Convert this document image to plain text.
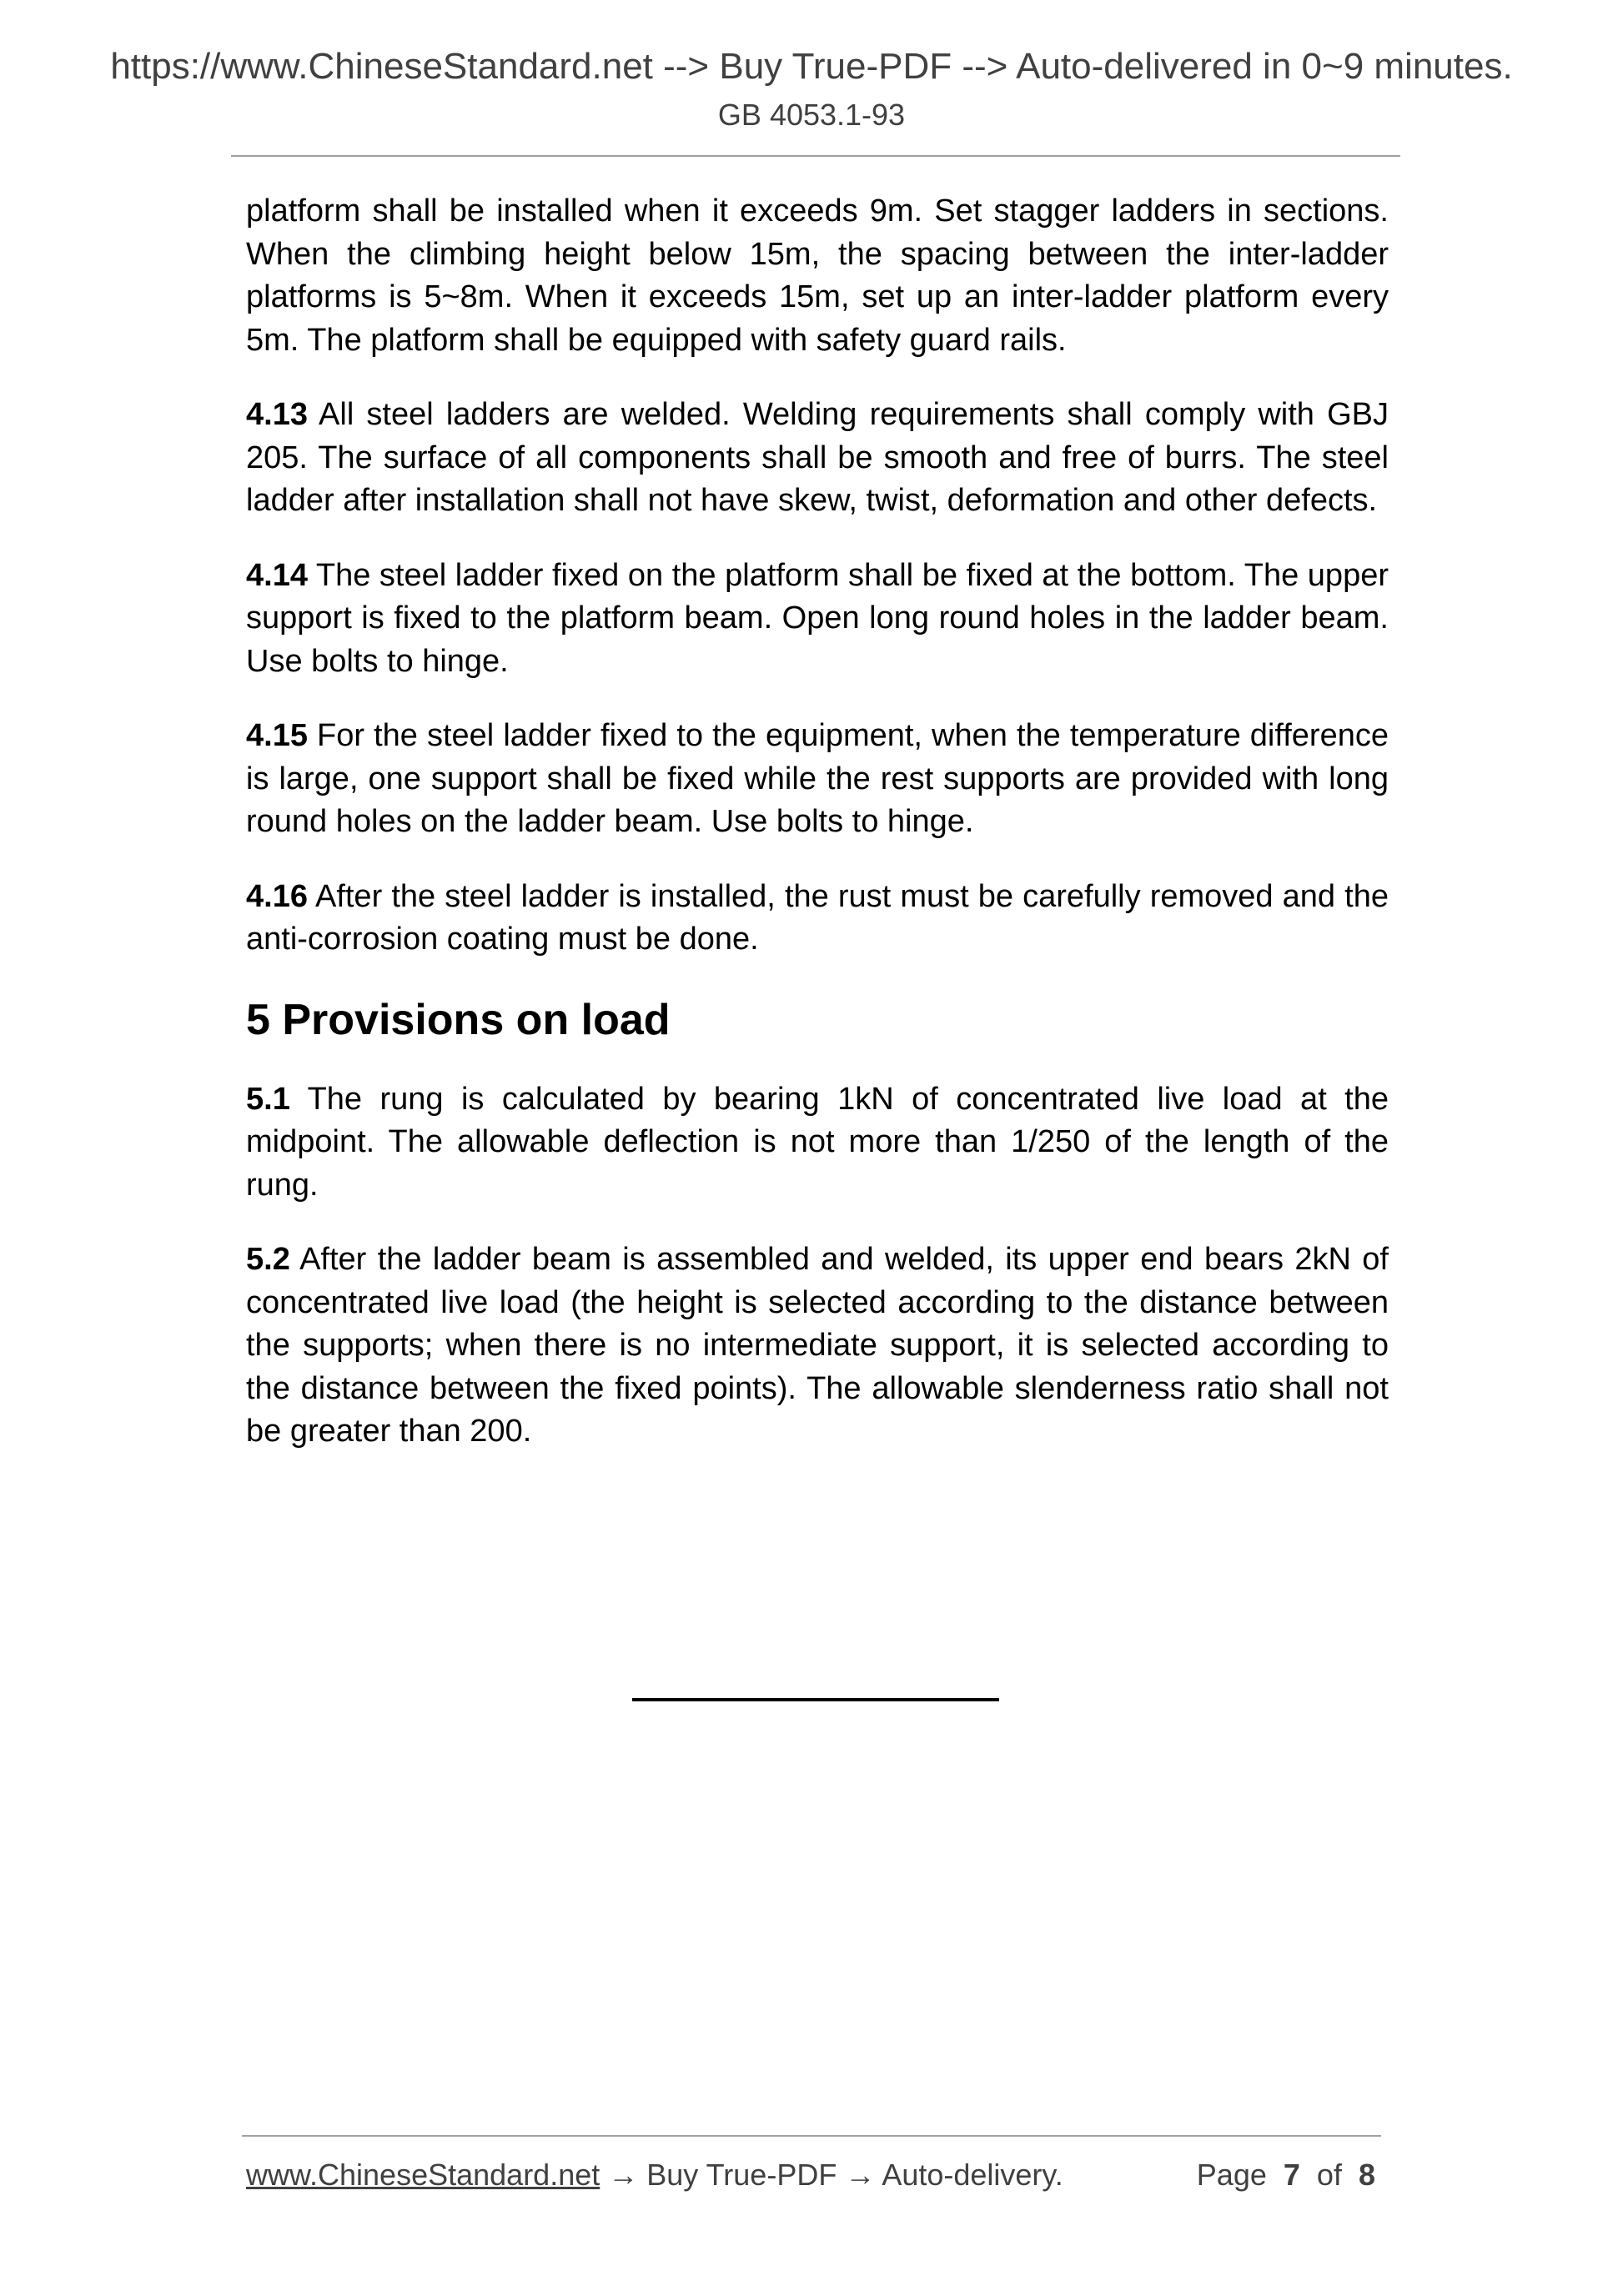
https://www.ChineseStandard.net --> Buy True-PDF --> Auto-delivered in 0~9 minutes.
GB 4053.1-93

platform shall be installed when it exceeds 9m. Set stagger ladders in sections. When the climbing height below 15m, the spacing between the inter-ladder platforms is 5~8m. When it exceeds 15m, set up an inter-ladder platform every 5m. The platform shall be equipped with safety guard rails.

4.13 All steel ladders are welded. Welding requirements shall comply with GBJ 205. The surface of all components shall be smooth and free of burrs. The steel ladder after installation shall not have skew, twist, deformation and other defects.

4.14 The steel ladder fixed on the platform shall be fixed at the bottom. The upper support is fixed to the platform beam. Open long round holes in the ladder beam. Use bolts to hinge.

4.15 For the steel ladder fixed to the equipment, when the temperature difference is large, one support shall be fixed while the rest supports are provided with long round holes on the ladder beam. Use bolts to hinge.

4.16 After the steel ladder is installed, the rust must be carefully removed and the anti-corrosion coating must be done.

5 Provisions on load

5.1 The rung is calculated by bearing 1kN of concentrated live load at the midpoint. The allowable deflection is not more than 1/250 of the length of the rung.

5.2 After the ladder beam is assembled and welded, its upper end bears 2kN of concentrated live load (the height is selected according to the distance between the supports; when there is no intermediate support, it is selected according to the distance between the fixed points). The allowable slenderness ratio shall not be greater than 200.

www.ChineseStandard.net → Buy True-PDF → Auto-delivery.	Page 7 of 8
